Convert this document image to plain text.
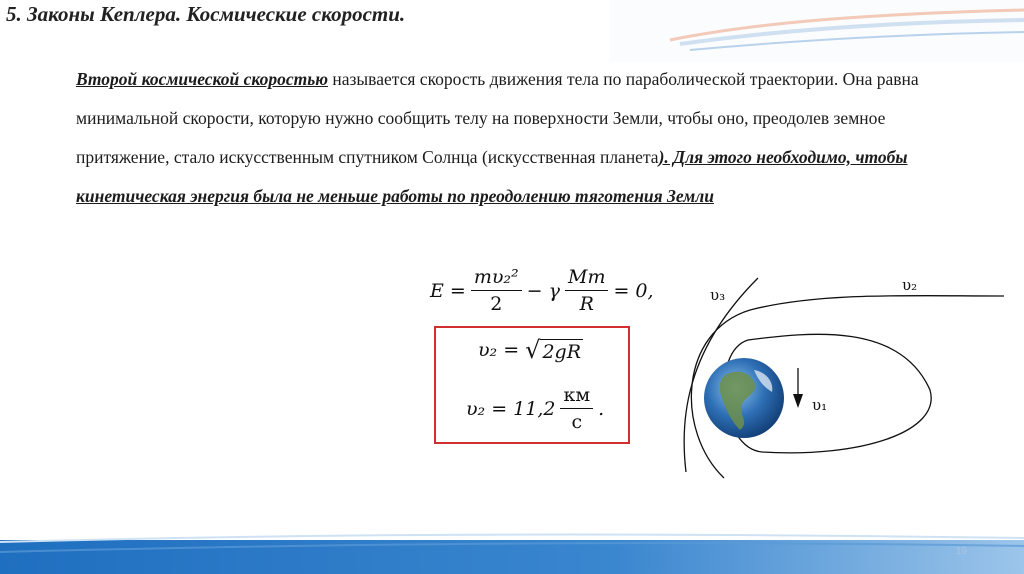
5. Законы Кеплера. Космические скорости.
Второй космической скоростью называется скорость движения тела по параболической траектории. Она равна минимальной скорости, которую нужно сообщить телу на поверхности Земли, чтобы оно, преодолев земное притяжение, стало искусственным спутником Солнца (искусственная планета). Для этого необходимо, чтобы кинетическая энергия была не меньше работы по преодолению тяготения Земли
$E = \frac{\text{mυ₂²}}{2} - \gamma \frac{Mm}{R} = 0$,
υ₂ = √ 2gR
$\upsilon_2 = 11,2 \frac{км}{с}$ .
υ₃
υ₂
υ₁
19
